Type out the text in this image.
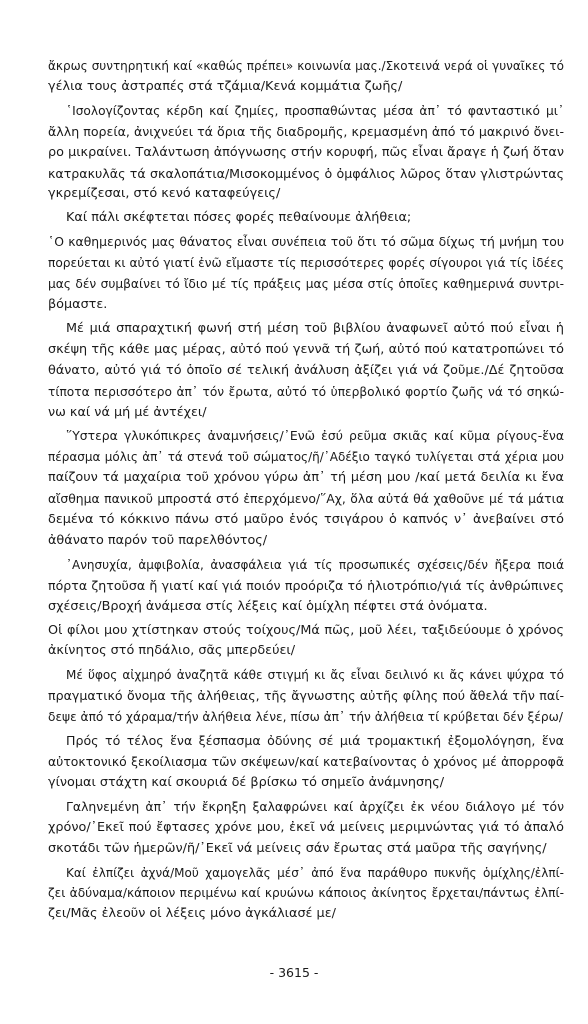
ἄκρως συντηρητική καί «καθώς πρέπει» κοινωνία μας./Σκοτεινά νερά οἱ γυναῖκες τό
γέλια τους ἀστραπές στά τζάμια/Κενά κομμάτια ζωῆς/
῾Ισολογίζοντας κέρδη καί ζημίες, προσπαθώντας μέσα ἀπ᾽ τό φανταστικό μι᾽
ἄλλη πορεία, ἀνιχνεύει τά ὅρια τῆς διαδρομῆς, κρεμασμένη ἀπό τό μακρινό ὄνει-
ρο μικραίνει. Ταλάντωση ἀπόγνωσης στήν κορυφή, πῶς εἶναι ἄραγε ἡ ζωή ὅταν
κατρακυλᾶς τά σκαλοπάτια/Μισοκομμένος ὁ ὀμφάλιος λῶρος ὅταν γλιστρώντας
γκρεμίζεσαι, στό κενό καταφεύγεις/
Καί πάλι σκέφτεται πόσες φορές πεθαίνουμε ἀλήθεια;
῾Ο καθημερινός μας θάνατος εἶναι συνέπεια τοῦ ὅτι τό σῶμα δίχως τή μνήμη του
πορεύεται κι αὐτό γιατί ἐνῶ εἴμαστε τίς περισσότερες φορές σίγουροι γιά τίς ἰδέες
μας δέν συμβαίνει τό ἴδιο μέ τίς πράξεις μας μέσα στίς ὁποῖες καθημερινά συντρι-
βόμαστε.
Μέ μιά σπαραχτική φωνή στή μέση τοῦ βιβλίου ἀναφωνεῖ αὐτό πού εἶναι ἡ
σκέψη τῆς κάθε μας μέρας, αὐτό πού γεννᾶ τή ζωή, αὐτό πού κατατροπώνει τό
θάνατο, αὐτό γιά τό ὁποῖο σέ τελική ἀνάλυση ἀξίζει γιά νά ζοῦμε./Δέ ζητοῦσα
τίποτα περισσότερο ἀπ᾽ τόν ἔρωτα, αὐτό τό ὑπερβολικό φορτίο ζωῆς νά τό σηκώ-
νω καί νά μή μέ ἀντέχει/
῞Υστερα γλυκόπικρες ἀναμνήσεις/᾽Ενῶ ἐσύ ρεῦμα σκιᾶς καί κῦμα ρίγους-ἕνα
πέρασμα μόλις ἀπ᾽ τά στενά τοῦ σώματος/ῆ/᾽Αδέξιο ταγκό τυλίγεται στά χέρια μου
παίζουν τά μαχαίρια τοῦ χρόνου γύρω ἀπ᾽ τή μέση μου /καί μετά δειλία κι ἕνα
αἴσθημα πανικοῦ μπροστά στό ἐπερχόμενο/῞Αχ, ὅλα αὐτά θά χαθοῦνε μέ τά μάτια
δεμένα τό κόκκινο πάνω στό μαῦρο ἑνός τσιγάρου ὁ καπνός ν᾽ ἀνεβαίνει στό
ἀθάνατο παρόν τοῦ παρελθόντος/
᾽Ανησυχία, ἀμφιβολία, ἀνασφάλεια γιά τίς προσωπικές σχέσεις/δέν ἤξερα ποιά
πόρτα ζητοῦσα ἤ γιατί καί γιά ποιόν προόριζα τό ἡλιοτρόπιο/γιά τίς ἀνθρώπινες
σχέσεις/Βροχή ἀνάμεσα στίς λέξεις καί ὁμίχλη πέφτει στά ὀνόματα.
Οἱ φίλοι μου χτίστηκαν στούς τοίχους/Μά πῶς, μοῦ λέει, ταξιδεύουμε ὁ χρόνος
ἀκίνητος στό πηδάλιο, σᾶς μπερδεύει/
Μέ ὕφος αἰχμηρό ἀναζητᾶ κάθε στιγμή κι ἄς εἶναι δειλινό κι ἄς κάνει ψύχρα τό
πραγματικό ὄνομα τῆς ἀλήθειας, τῆς ἄγνωστης αὐτῆς φίλης πού ἄθελά τῆν παί-
δεψε ἀπό τό χάραμα/τήν ἀλήθεια λένε, πίσω ἀπ᾽ τήν ἀλήθεια τί κρύβεται δέν ξέρω/
Πρός τό τέλος ἕνα ξέσπασμα ὀδύνης σέ μιά τρομακτική ἐξομολόγηση, ἕνα
αὐτοκτονικό ξεκοίλιασμα τῶν σκέψεων/καί κατεβαίνοντας ὁ χρόνος μέ ἀπορροφᾶ
γίνομαι στάχτη καί σκουριά δέ βρίσκω τό σημεῖο ἀνάμνησης/
Γαληνεμένη ἀπ᾽ τήν ἔκρηξη ξαλαφρώνει καί ἀρχίζει ἐκ νέου διάλογο μέ τόν
χρόνο/᾽Εκεῖ πού ἔφτασες χρόνε μου, ἐκεῖ νά μείνεις μεριμνώντας γιά τό ἀπαλό
σκοτάδι τῶν ἡμερῶν/ῆ/᾽Εκεῖ νά μείνεις σάν ἔρωτας στά μαῦρα τῆς σαγήνης/
Καί ἐλπίζει ἀχνά/Μοῦ χαμογελᾶς μέσ᾽ ἀπό ἕνα παράθυρο πυκνῆς ὁμίχλης/ἐλπί-
ζει ἀδύναμα/κάποιον περιμένω καί κρυώνω κάποιος ἀκίνητος ἔρχεται/πάντως ἐλπί-
ζει/Μᾶς ἐλεοῦν οἱ λέξεις μόνο ἀγκάλιασέ με/
- 3615 -
